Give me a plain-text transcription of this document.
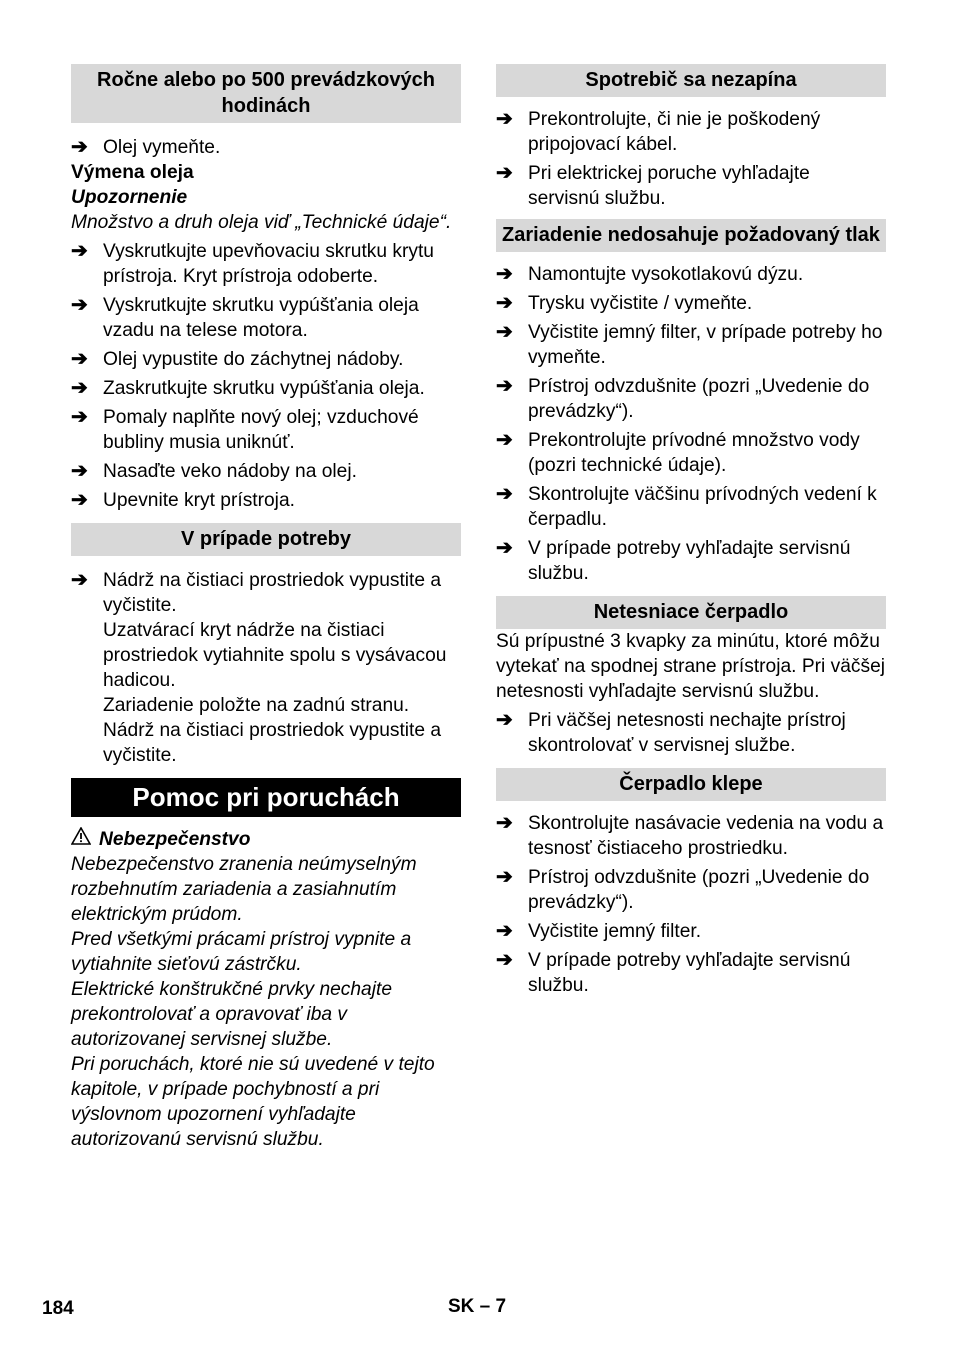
Ročne alebo po 500 prevádzkových hodinách
➔ Olej vymeňte.
Výmena oleja
Upozornenie
Množstvo a druh oleja viď „Technické údaje“.
➔ Vyskrutkujte upevňovaciu skrutku krytu prístroja. Kryt prístroja odoberte.
➔ Vyskrutkujte skrutku vypúšťania oleja vzadu na telese motora.
➔ Olej vypustite do záchytnej nádoby.
➔ Zaskrutkujte skrutku vypúšťania oleja.
➔ Pomaly naplňte nový olej; vzduchové bubliny musia uniknúť.
➔ Nasaďte veko nádoby na olej.
➔ Upevnite kryt prístroja.
V prípade potreby
➔ Nádrž na čistiaci prostriedok vypustite a vyčistite.
Uzatvárací kryt nádrže na čistiaci prostriedok vytiahnite spolu s vysávacou hadicou.
Zariadenie položte na zadnú stranu.
Nádrž na čistiaci prostriedok vypustite a vyčistite.
Pomoc pri poruchách
Nebezpečenstvo
Nebezpečenstvo zranenia neúmyselným rozbehnutím zariadenia a zasiahnutím elektrickým prúdom.
Pred všetkými prácami prístroj vypnite a vytiahnite sieťovú zástrčku.
Elektrické konštrukčné prvky nechajte prekontrolovať a opravovať iba v autorizovanej servisnej službe.
Pri poruchách, ktoré nie sú uvedené v tejto kapitole, v prípade pochybností a pri výslovnom upozornení vyhľadajte autorizovanú servisnú službu.
Spotrebič sa nezapína
➔ Prekontrolujte, či nie je poškodený pripojovací kábel.
➔ Pri elektrickej poruche vyhľadajte servisnú službu.
Zariadenie nedosahuje požadovaný tlak
➔ Namontujte vysokotlakovú dýzu.
➔ Trysku vyčistite / vymeňte.
➔ Vyčistite jemný filter, v prípade potreby ho vymeňte.
➔ Prístroj odvzdušnite (pozri „Uvedenie do prevádzky“).
➔ Prekontrolujte prívodné množstvo vody (pozri technické údaje).
➔ Skontrolujte väčšinu prívodných vedení k čerpadlu.
➔ V prípade potreby vyhľadajte servisnú službu.
Netesniace čerpadlo
Sú prípustné 3 kvapky za minútu, ktoré môžu vytekať na spodnej strane prístroja. Pri väčšej netesnosti vyhľadajte servisnú službu.
➔ Pri väčšej netesnosti nechajte prístroj skontrolovať v servisnej službe.
Čerpadlo klepe
➔ Skontrolujte nasávacie vedenia na vodu a tesnosť čistiaceho prostriedku.
➔ Prístroj odvzdušnite (pozri „Uvedenie do prevádzky“).
➔ Vyčistite jemný filter.
➔ V prípade potreby vyhľadajte servisnú službu.
184	SK – 7
